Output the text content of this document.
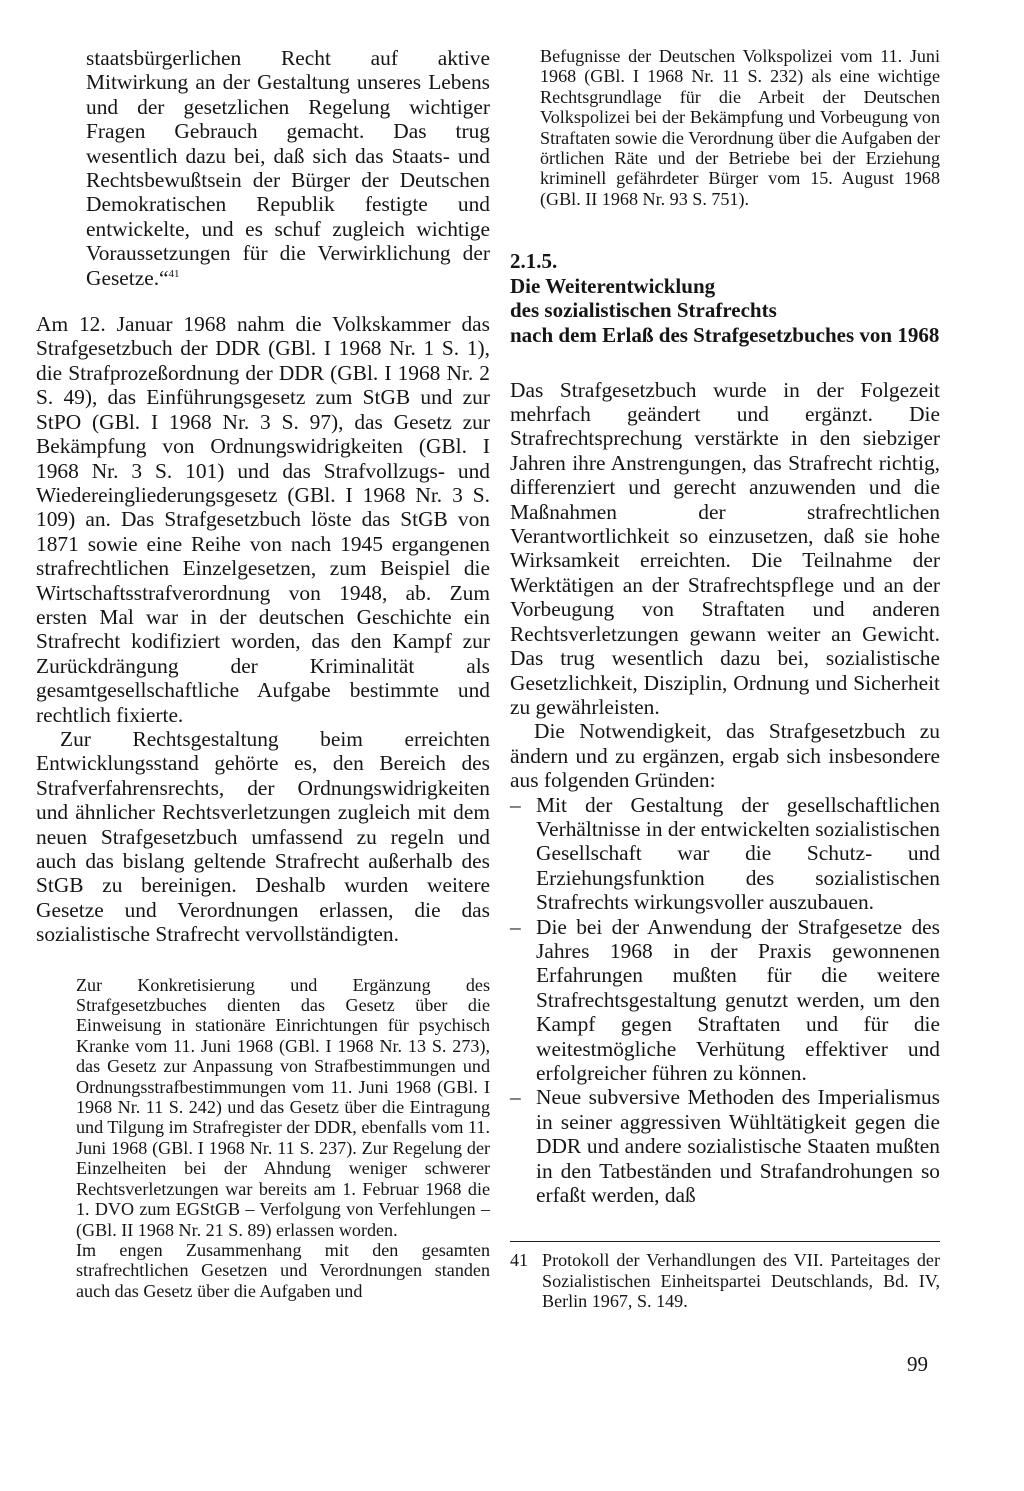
staatsbürgerlichen Recht auf aktive Mitwirkung an der Gestaltung unseres Lebens und der gesetzlichen Regelung wichtiger Fragen Gebrauch gemacht. Das trug wesentlich dazu bei, daß sich das Staats- und Rechtsbewußtsein der Bürger der Deutschen Demokratischen Republik festigte und entwickelte, und es schuf zugleich wichtige Voraussetzungen für die Verwirklichung der Gesetze.“$^{41}$

Am 12. Januar 1968 nahm die Volkskammer das Strafgesetzbuch der DDR (GBl. I 1968 Nr. 1 S. 1), die Strafprozeßordnung der DDR (GBl. I 1968 Nr. 2 S. 49), das Einführungsgesetz zum StGB und zur StPO (GBl. I 1968 Nr. 3 S. 97), das Gesetz zur Bekämpfung von Ordnungswidrigkeiten (GBl. I 1968 Nr. 3 S. 101) und das Strafvollzugs- und Wiedereingliederungsgesetz (GBl. I 1968 Nr. 3 S. 109) an. Das Strafgesetzbuch löste das StGB von 1871 sowie eine Reihe von nach 1945 ergangenen strafrechtlichen Einzelgesetzen, zum Beispiel die Wirtschaftsstrafverordnung von 1948, ab. Zum ersten Mal war in der deutschen Geschichte ein Strafrecht kodifiziert worden, das den Kampf zur Zurückdrängung der Kriminalität als gesamtgesellschaftliche Aufgabe bestimmte und rechtlich fixierte.

Zur Rechtsgestaltung beim erreichten Entwicklungsstand gehörte es, den Bereich des Strafverfahrensrechts, der Ordnungswidrigkeiten und ähnlicher Rechtsverletzungen zugleich mit dem neuen Strafgesetzbuch umfassend zu regeln und auch das bislang geltende Strafrecht außerhalb des StGB zu bereinigen. Deshalb wurden weitere Gesetze und Verordnungen erlassen, die das sozialistische Strafrecht vervollständigten.

Zur Konkretisierung und Ergänzung des Strafgesetzbuches dienten das Gesetz über die Einweisung in stationäre Einrichtungen für psychisch Kranke vom 11. Juni 1968 (GBl. I 1968 Nr. 13 S. 273), das Gesetz zur Anpassung von Strafbestimmungen und Ordnungsstrafbestimmungen vom 11. Juni 1968 (GBl. I 1968 Nr. 11 S. 242) und das Gesetz über die Eintragung und Tilgung im Strafregister der DDR, ebenfalls vom 11. Juni 1968 (GBl. I 1968 Nr. 11 S. 237). Zur Regelung der Einzelheiten bei der Ahndung weniger schwerer Rechtsverletzungen war bereits am 1. Februar 1968 die 1. DVO zum EGStGB – Verfolgung von Verfehlungen – (GBl. II 1968 Nr. 21 S. 89) erlassen worden.

Im engen Zusammenhang mit den gesamten strafrechtlichen Gesetzen und Verordnungen standen auch das Gesetz über die Aufgaben und

Befugnisse der Deutschen Volkspolizei vom 11. Juni 1968 (GBl. I 1968 Nr. 11 S. 232) als eine wichtige Rechtsgrundlage für die Arbeit der Deutschen Volkspolizei bei der Bekämpfung und Vorbeugung von Straftaten sowie die Verordnung über die Aufgaben der örtlichen Räte und der Betriebe bei der Erziehung kriminell gefährdeter Bürger vom 15. August 1968 (GBl. II 1968 Nr. 93 S. 751).

2.1.5.
Die Weiterentwicklung
des sozialistischen Strafrechts
nach dem Erlaß des Strafgesetzbuches von 1968

Das Strafgesetzbuch wurde in der Folgezeit mehrfach geändert und ergänzt. Die Strafrechtsprechung verstärkte in den siebziger Jahren ihre Anstrengungen, das Strafrecht richtig, differenziert und gerecht anzuwenden und die Maßnahmen der strafrechtlichen Verantwortlichkeit so einzusetzen, daß sie hohe Wirksamkeit erreichten. Die Teilnahme der Werktätigen an der Strafrechtspflege und an der Vorbeugung von Straftaten und anderen Rechtsverletzungen gewann weiter an Gewicht. Das trug wesentlich dazu bei, sozialistische Gesetzlichkeit, Disziplin, Ordnung und Sicherheit zu gewährleisten.

Die Notwendigkeit, das Strafgesetzbuch zu ändern und zu ergänzen, ergab sich insbesondere aus folgenden Gründen:

– Mit der Gestaltung der gesellschaftlichen Verhältnisse in der entwickelten sozialistischen Gesellschaft war die Schutz- und Erziehungsfunktion des sozialistischen Strafrechts wirkungsvoller auszubauen.
– Die bei der Anwendung der Strafgesetze des Jahres 1968 in der Praxis gewonnenen Erfahrungen mußten für die weitere Strafrechtsgestaltung genutzt werden, um den Kampf gegen Straftaten und für die weitestmögliche Verhütung effektiver und erfolgreicher führen zu können.
– Neue subversive Methoden des Imperialismus in seiner aggressiven Wühltätigkeit gegen die DDR und andere sozialistische Staaten mußten in den Tatbeständen und Strafandrohungen so erfaßt werden, daß
41 Protokoll der Verhandlungen des VII. Parteitages der Sozialistischen Einheitspartei Deutschlands, Bd. IV, Berlin 1967, S. 149.
99
